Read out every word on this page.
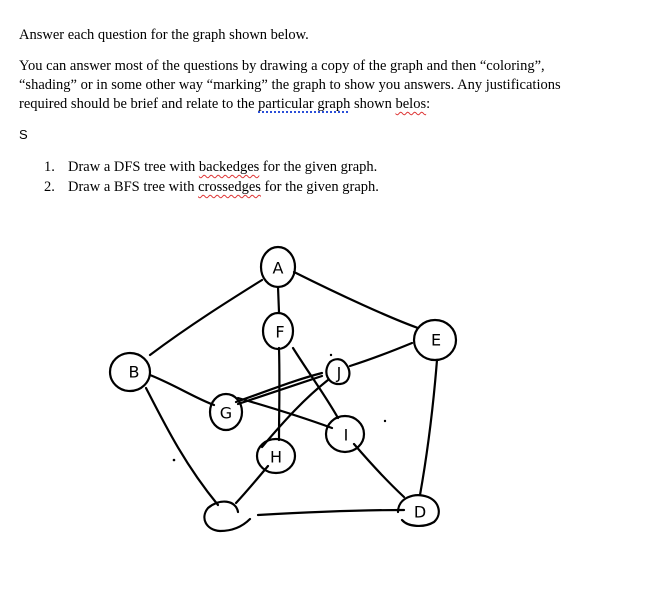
Answer each question for the graph shown below.

You can answer most of the questions by drawing a copy of the graph and then “coloring”,
“shading” or in some other way “marking” the graph to show you answers. Any justifications
required should be brief and relate to the particular graph shown belos:

S
1. Draw a DFS tree with backedges for the given graph.
2. Draw a BFS tree with crossedges for the given graph.
A
B
D
E
F
G
H
I
J
